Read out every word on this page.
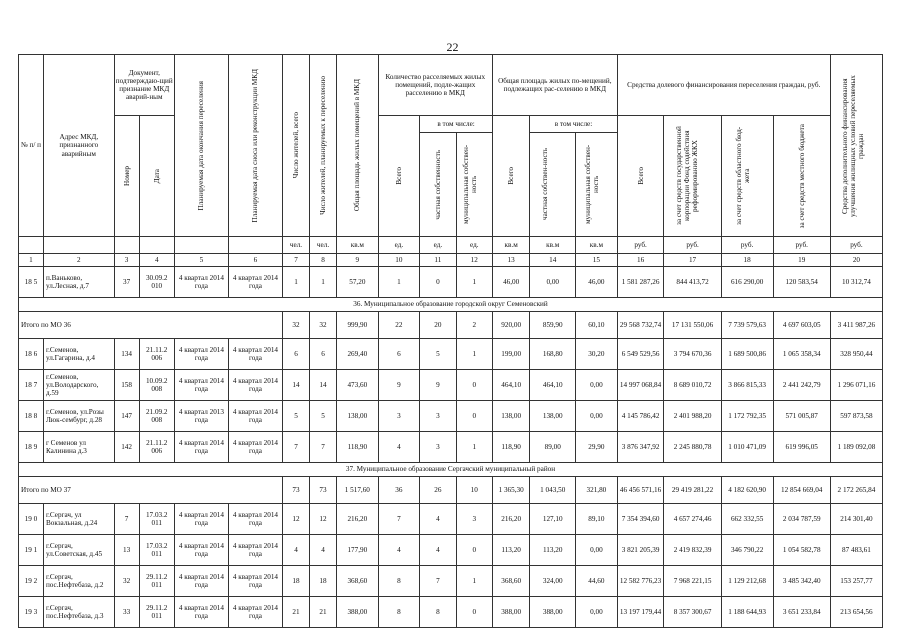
22
№ п/ п	Адрес МКД, признанного аварийным	Документ, подтверждаю-щий признание МКД аварий-ным		Планируемая дата окончания переселения	Планируемая дата сноса или реконструкции МКД	Число жителей, всего	Число жителей, планируемых к переселению	Общая площадь жилых помещений в МКД	Количество расселяемых жилых помещений, подле-жащих расселению в МКД			Общая площадь жилых по-мещений, подлежащих рас-селению в МКД			Средства долевого финансирования переселения граждан, руб.				Средства дополнительного финансирования улучшения жилищных условий переселяемых граждан

		Номер	Дата						Всего	в том числе:		Всего	в том числе:		Всего	за счет средств государственной корпорации Фонд содействия реформированию ЖКХ	за счет средств областного бюд-жета	за счет средств местного бюджета	

										частная собственность	муниципальная собствен-ность		частная собствен-ность	муниципальная собствен-ность					

						чел.	чел.	кв.м	ед.	ед.	ед.	кв.м	кв.м	кв.м	руб.	руб.	руб.	руб.	руб.
1	2	3	4	5	6	7	8	9	10	11	12	13	14	15	16	17	18	19	20
18 5	п.Ваньково, ул.Лесная, д.7	37	30.09.2 010	4 квартал 2014 года	4 квартал 2014 года	1	1	57,20	1	0	1	46,00	0,00	46,00	1 581 287,26	844 413,72	616 290,00	120 583,54	10 312,74
36. Муниципальное образование городской округ Семеновский																			
Итого по МО 36						32	32	999,90	22	20	2	920,00	859,90	60,10	29 568 732,74	17 131 550,06	7 739 579,63	4 697 603,05	3 411 987,26
18 6	г.Семенов, ул.Гагарина, д.4	134	21.11.2 006	4 квартал 2014 года	4 квартал 2014 года	6	6	269,40	6	5	1	199,00	168,80	30,20	6 549 529,56	3 794 670,36	1 689 500,86	1 065 358,34	328 950,44
18 7	г.Семенов, ул.Володарского, д.59	158	10.09.2 008	4 квартал 2014 года	4 квартал 2014 года	14	14	473,60	9	9	0	464,10	464,10	0,00	14 997 068,84	8 689 010,72	3 866 815,33	2 441 242,79	1 296 071,16
18 8	г.Семенов, ул.Розы Люк-сембург, д.28	147	21.09.2 008	4 квартал 2013 года	4 квартал 2014 года	5	5	138,00	3	3	0	138,00	138,00	0,00	4 145 786,42	2 401 988,20	1 172 792,35	571 005,87	597 873,58
18 9	г Семенов ул Калинина д.3	142	21.11.2 006	4 квартал 2014 года	4 квартал 2014 года	7	7	118,90	4	3	1	118,90	89,00	29,90	3 876 347,92	2 245 880,78	1 010 471,09	619 996,05	1 189 092,08
37. Муниципальное образование Сергачский муниципальный район																			
Итого по МО 37						73	73	1 517,60	36	26	10	1 365,30	1 043,50	321,80	46 456 571,16	29 419 281,22	4 182 620,90	12 854 669,04	2 172 265,84
19 0	г.Сергач, ул Вокзальная, д.24	7	17.03.2 011	4 квартал 2014 года	4 квартал 2014 года	12	12	216,20	7	4	3	216,20	127,10	89,10	7 354 394,60	4 657 274,46	662 332,55	2 034 787,59	214 301,40
19 1	г.Сергач, ул.Советская, д.45	13	17.03.2 011	4 квартал 2014 года	4 квартал 2014 года	4	4	177,90	4	4	0	113,20	113,20	0,00	3 821 205,39	2 419 832,39	346 790,22	1 054 582,78	87 483,61
19 2	г.Сергач, пос.Нефтебаза, д.2	32	29.11.2 011	4 квартал 2014 года	4 квартал 2014 года	18	18	368,60	8	7	1	368,60	324,00	44,60	12 582 776,23	7 968 221,15	1 129 212,68	3 485 342,40	153 257,77
19 3	г.Сергач, пос.Нефтебаза, д.3	33	29.11.2 011	4 квартал 2014 года	4 квартал 2014 года	21	21	388,00	8	8	0	388,00	388,00	0,00	13 197 179,44	8 357 300,67	1 188 644,93	3 651 233,84	213 654,56
